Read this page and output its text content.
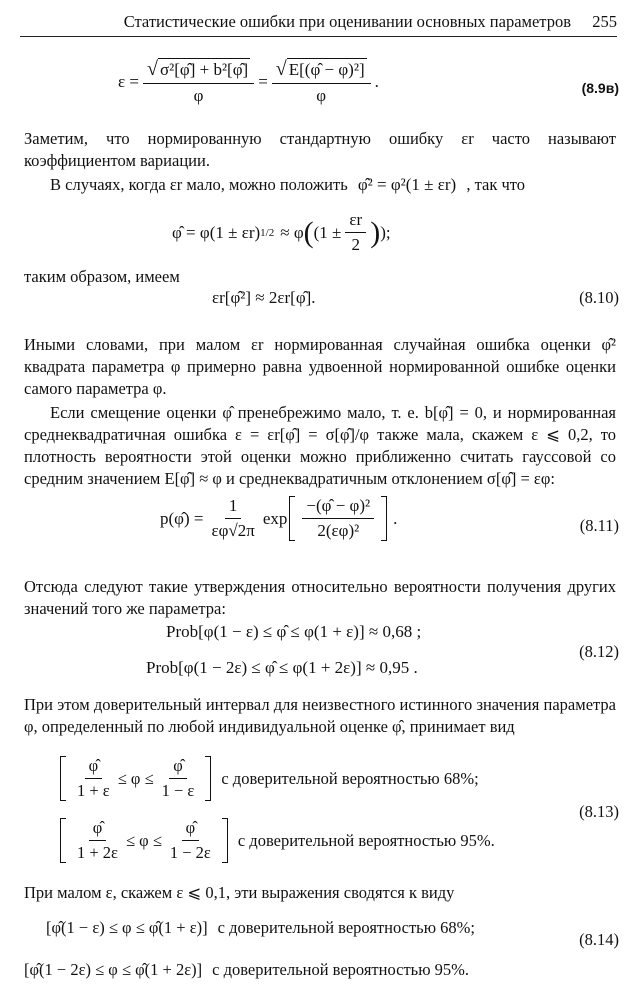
Статистические ошибки при оценивании основных параметров 255
$\varepsilon = \frac{\text{√ σ²[φ̂] + b²[φ̂]}}{\varphi} = \frac{\text{√ E[(φ̂ − φ)²]}}{\varphi}$ .	(8.9в)

Заметим, что нормированную стандартную ошибку εr часто называют коэффициентом вариации.

В случаях, когда εr мало, можно положить φ̂² = φ²(1 ± εr) , так что

φ̂ = φ(1 ± εr) 1/2 ≈ φ ( ($1 \pm \frac{\varepsilon r}{2}$ ) );

таким образом, имеем

εr[φ̂²] ≈ 2εr[φ̂].	(8.10)

Иными словами, при малом εr нормированная случайная ошибка оценки φ̂² квадрата параметра φ примерно равна удвоенной нормированной ошибке оценки самого параметра φ.

Если смещение оценки φ̂ пренебрежимо мало, т. е. b[φ̂] = 0, и нормированная среднеквадратичная ошибка ε = εr[φ̂] = σ[φ̂]/φ также мала, скажем ε ⩽ 0,2, то плотность вероятности этой оценки можно приближенно считать гауссовой со средним значением E[φ̂] ≈ φ и среднеквадратичным отклонением σ[φ̂] = εφ:

p(φ̂) = $\frac{1}{\varepsilon\varphi√2\pi}$ $\exp \frac{\text{−(φ̂ − φ)²}}{\text{2(εφ)²}}$ .	(8.11)

Отсюда следуют такие утверждения относительно вероятности получения других значений того же параметра:

Prob[φ(1 − ε) ≤ φ̂ ≤ φ(1 + ε)] ≈ 0,68 ;
Prob[φ(1 − 2ε) ≤ φ̂ ≤ φ(1 + 2ε)] ≈ 0,95 .
(8.12)

При этом доверительный интервал для неизвестного истинного значения параметра φ, определенный по любой индивидуальной оценке φ̂, принимает вид

$\frac{\varphî}{1 + \varepsilon} \le \varphi \le \frac{\varphî}{1 - \varepsilon}$ с доверительной вероятностью 68%;
$\frac{\varphî}{1 + 2\varepsilon} \le \varphi \le \frac{\varphî}{1 - 2\varepsilon}$ с доверительной вероятностью 95%.
(8.13)

При малом ε, скажем ε ⩽ 0,1, эти выражения сводятся к виду

[φ̂(1 − ε) ≤ φ ≤ φ̂(1 + ε)] с доверительной вероятностью 68%;
[φ̂(1 − 2ε) ≤ φ ≤ φ̂(1 + 2ε)] с доверительной вероятностью 95%.
(8.14)
